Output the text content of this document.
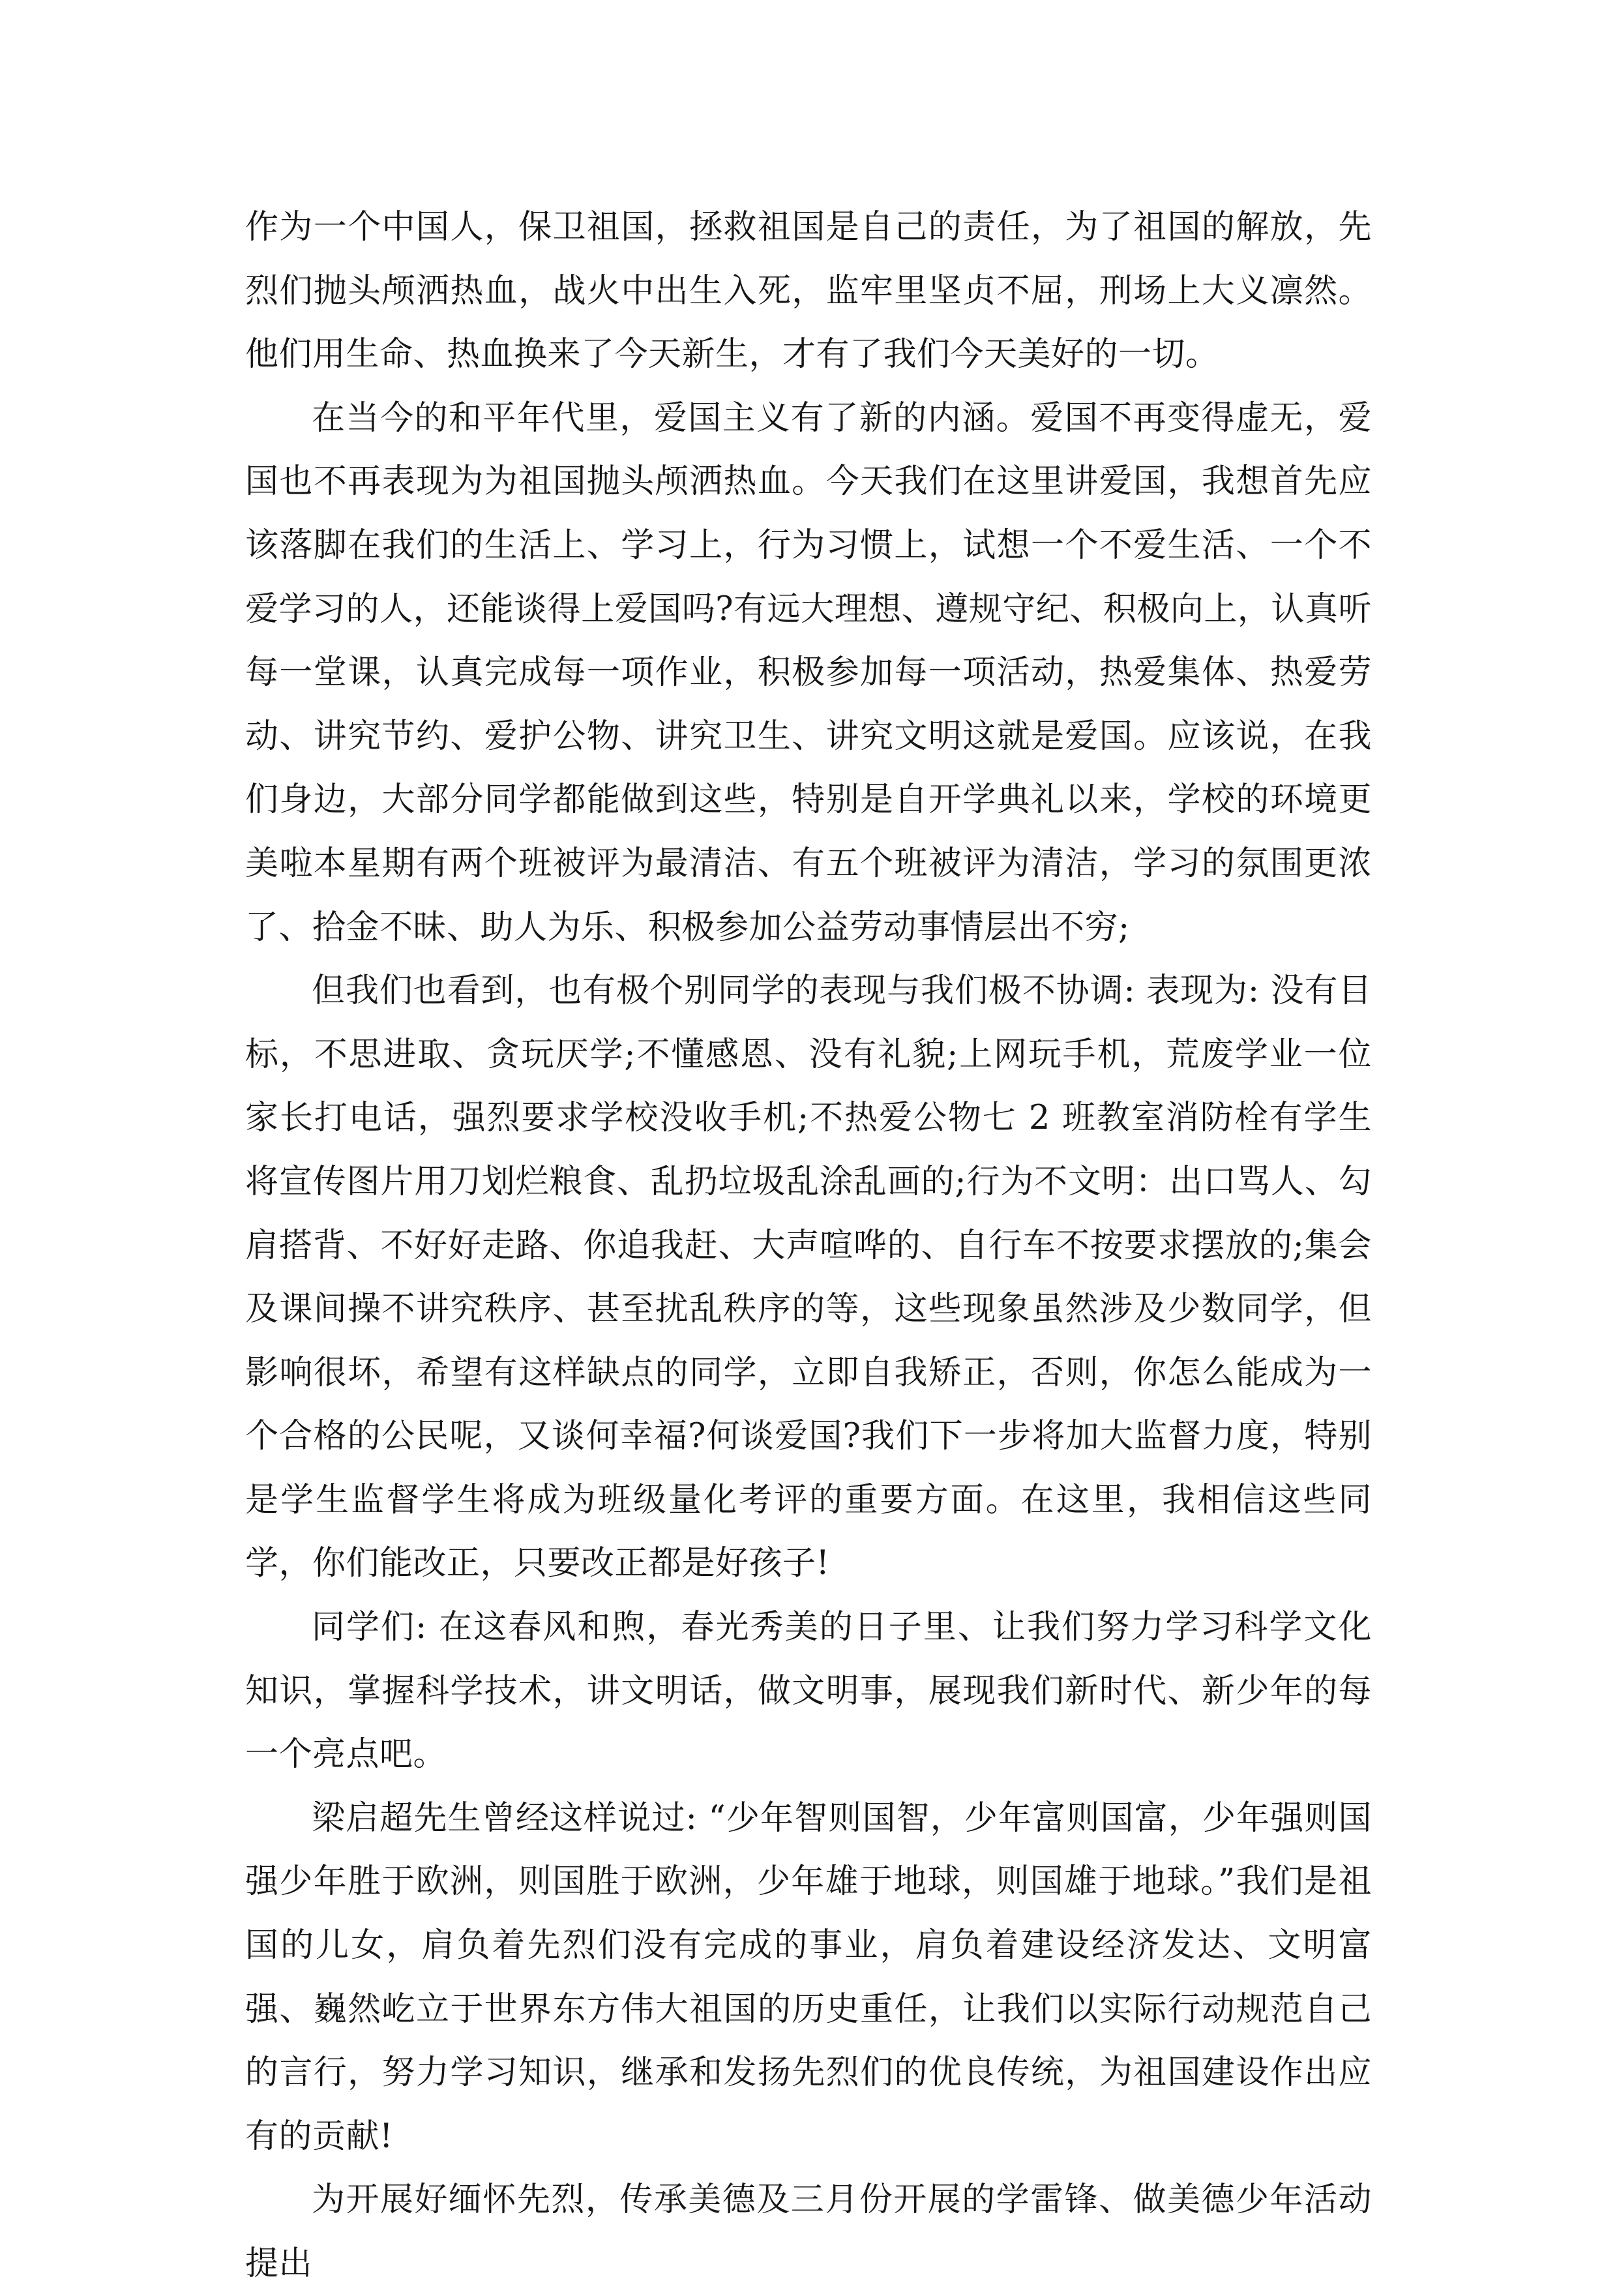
作为一个中国人，保卫祖国，拯救祖国是自己的责任，为了祖国的解放，先烈们抛头颅洒热血，战火中出生入死，监牢里坚贞不屈，刑场上大义凛然。他们用生命、热血换来了今天新生，才有了我们今天美好的一切。

在当今的和平年代里，爱国主义有了新的内涵。爱国不再变得虚无，爱国也不再表现为为祖国抛头颅洒热血。今天我们在这里讲爱国，我想首先应该落脚在我们的生活上、学习上，行为习惯上，试想一个不爱生活、一个不爱学习的人，还能谈得上爱国吗?有远大理想、遵规守纪、积极向上，认真听每一堂课，认真完成每一项作业，积极参加每一项活动，热爱集体、热爱劳动、讲究节约、爱护公物、讲究卫生、讲究文明这就是爱国。应该说，在我们身边，大部分同学都能做到这些，特别是自开学典礼以来，学校的环境更美啦本星期有两个班被评为最清洁、有五个班被评为清洁，学习的氛围更浓了、拾金不昧、助人为乐、积极参加公益劳动事情层出不穷;

但我们也看到，也有极个别同学的表现与我们极不协调: 表现为: 没有目标，不思进取、贪玩厌学;不懂感恩、没有礼貌;上网玩手机，荒废学业一位家长打电话，强烈要求学校没收手机;不热爱公物七 2 班教室消防栓有学生将宣传图片用刀划烂粮食、乱扔垃圾乱涂乱画的;行为不文明：出口骂人、勾肩搭背、不好好走路、你追我赶、大声喧哗的、自行车不按要求摆放的;集会及课间操不讲究秩序、甚至扰乱秩序的等，这些现象虽然涉及少数同学，但影响很坏，希望有这样缺点的同学，立即自我矫正，否则，你怎么能成为一个合格的公民呢，又谈何幸福?何谈爱国?我们下一步将加大监督力度，特别是学生监督学生将成为班级量化考评的重要方面。在这里，我相信这些同学，你们能改正，只要改正都是好孩子!

同学们: 在这春风和煦，春光秀美的日子里、让我们努力学习科学文化知识，掌握科学技术，讲文明话，做文明事，展现我们新时代、新少年的每一个亮点吧。

梁启超先生曾经这样说过: “少年智则国智，少年富则国富，少年强则国强少年胜于欧洲，则国胜于欧洲，少年雄于地球，则国雄于地球。”我们是祖国的儿女，肩负着先烈们没有完成的事业，肩负着建设经济发达、文明富强、巍然屹立于世界东方伟大祖国的历史重任，让我们以实际行动规范自己的言行，努力学习知识，继承和发扬先烈们的优良传统，为祖国建设作出应有的贡献!

为开展好缅怀先烈，传承美德及三月份开展的学雷锋、做美德少年活动提出
